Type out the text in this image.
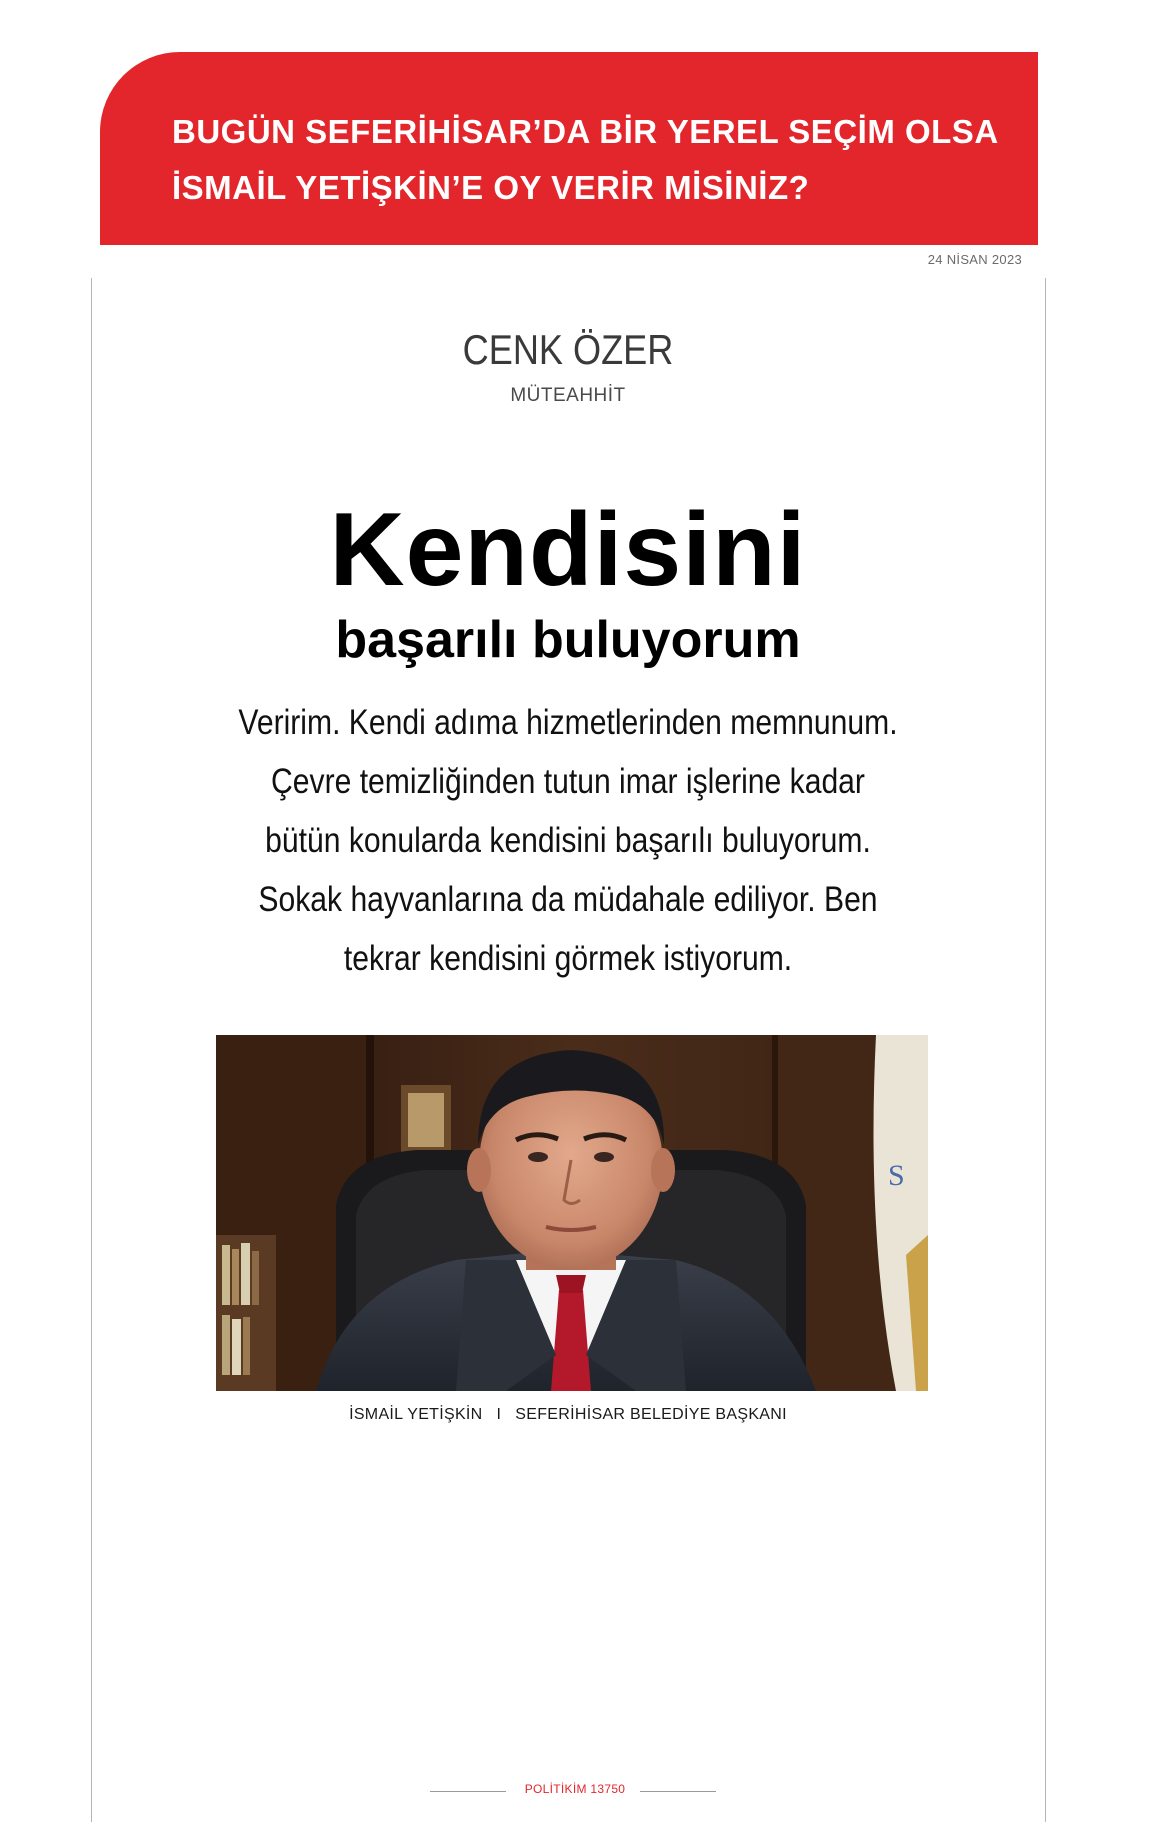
BUGÜN SEFERİHİSAR’DA BİR YEREL SEÇİM OLSA
İSMAİL YETİŞKİN’E OY VERİR MİSİNİZ?
24 NİSAN 2023
CENK ÖZER
MÜTEAHHİT
Kendisini
başarılı buluyorum
Veririm. Kendi adıma hizmetlerinden memnunum.
Çevre temizliğinden tutun imar işlerine kadar
bütün konularda kendisini başarılı buluyorum.
Sokak hayvanlarına da müdahale ediliyor. Ben
tekrar kendisini görmek istiyorum.
S
İSMAİL YETİŞKİN I SEFERİHİSAR BELEDİYE BAŞKANI
POLİTİKİM 13750
